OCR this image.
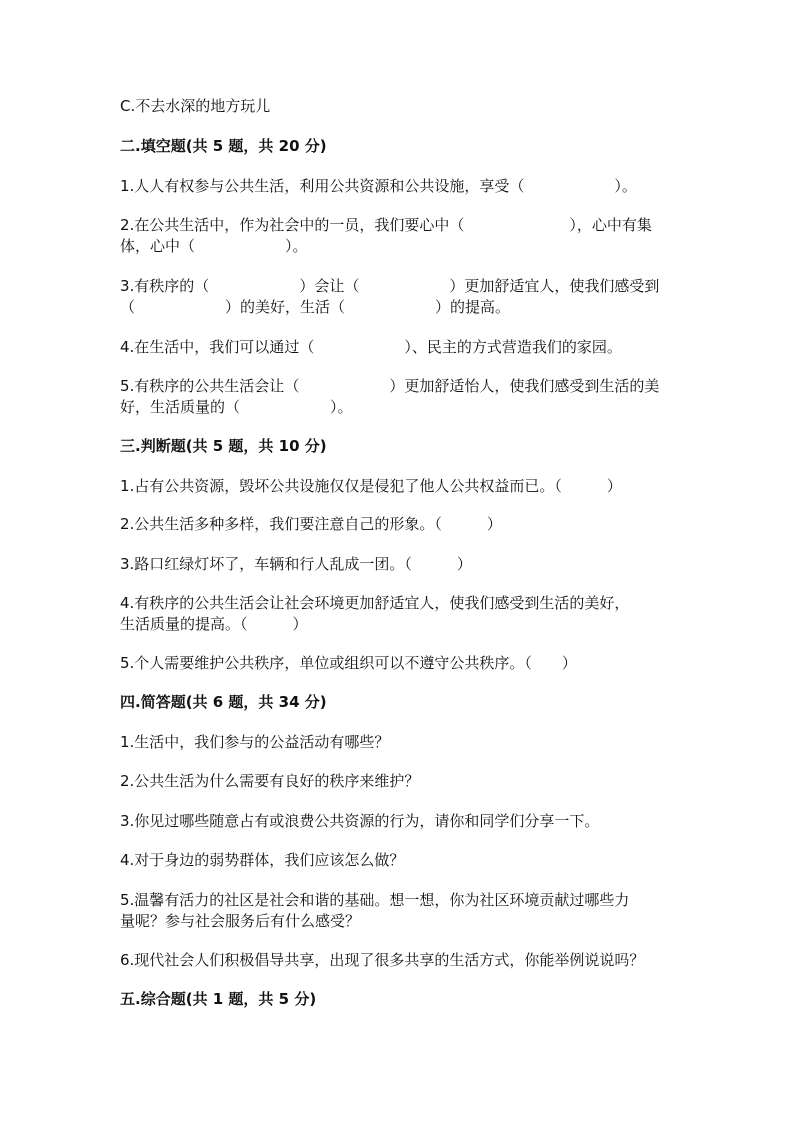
C.不去水深的地方玩儿
二.填空题(共 5 题，共 20 分)
1.人人有权参与公共生活，利用公共资源和公共设施，享受（　　　　　　）。
2.在公共生活中，作为社会中的一员，我们要心中（　　　　　　　），心中有集
体，心中（　　　　　　）。
3.有秩序的（　　　　　　）会让（　　　　　　）更加舒适宜人，使我们感受到
（　　　　　　）的美好，生活（　　　　　　）的提高。
4.在生活中，我们可以通过（　　　　　　）、民主的方式营造我们的家园。
5.有秩序的公共生活会让（　　　　　　）更加舒适怡人，使我们感受到生活的美
好，生活质量的（　　　　　　）。
三.判断题(共 5 题，共 10 分)
1.占有公共资源，毁坏公共设施仅仅是侵犯了他人公共权益而已。（　　　）
2.公共生活多种多样，我们要注意自己的形象。（　　　）
3.路口红绿灯坏了，车辆和行人乱成一团。（　　　）
4.有秩序的公共生活会让社会环境更加舒适宜人，使我们感受到生活的美好，
生活质量的提高。（　　　）
5.个人需要维护公共秩序，单位或组织可以不遵守公共秩序。（　　）
四.简答题(共 6 题，共 34 分)
1.生活中，我们参与的公益活动有哪些？
2.公共生活为什么需要有良好的秩序来维护？
3.你见过哪些随意占有或浪费公共资源的行为，请你和同学们分享一下。
4.对于身边的弱势群体，我们应该怎么做？
5.温馨有活力的社区是社会和谐的基础。想一想，你为社区环境贡献过哪些力
量呢？参与社会服务后有什么感受？
6.现代社会人们积极倡导共享，出现了很多共享的生活方式，你能举例说说吗？
五.综合题(共 1 题，共 5 分)
